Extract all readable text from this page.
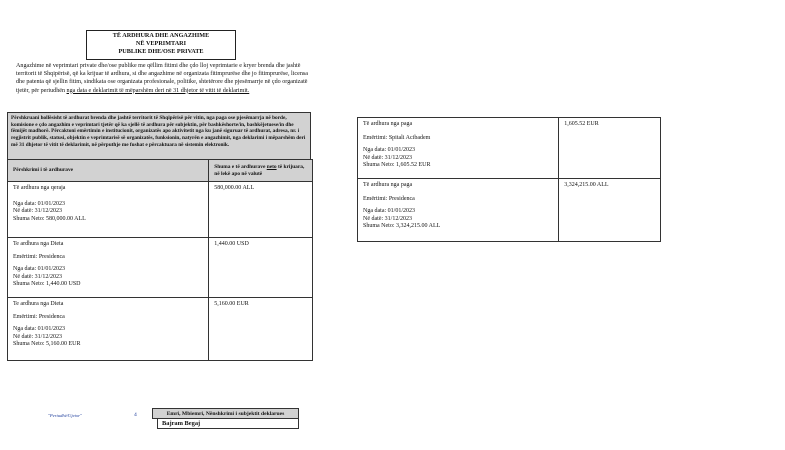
TË ARDHURA DHE ANGAZHIME
NË VEPRIMTARI
PUBLIKE DHE/OSE PRIVATE
Angazhime në veprimtari private dhe/ose publike me qëllim fitimi dhe çdo lloj veprimtarie e kryer brenda dhe jashtë territorit të Shqipërisë, që ka krijuar të ardhura, si dhe angazhime në organizata fitimprurëse dhe jo fitimprurëse, licensa dhe patenta që sjellin fitim, sindikata ose organizata profesionale, politike, shtetërore dhe pjesëmarrje në çdo organizatë tjetër, për periudhën nga data e deklarimit të mëparshëm deri në 31 dhjetor të vitit të deklarimit.
Përshkruani hollësisht të ardhurat brenda dhe jashtë territorit të Shqipërisë për vitin, nga paga ose pjesëmarrja në borde, komisione e çdo angazhim e veprimtari tjetër që ka sjellë të ardhura për subjektin, për bashkëshorte/in, bashkëjetuese/in dhe fëmijët madhorë. Përcaktoni emërtimin e institucionit, organizatës apo aktivitetit nga ku janë siguruar të ardhurat, adresa, nr. i regjistrit publik, statusi, objektin e veprimtarisë së organizatës, funksionin, natyrën e angazhimit, nga deklarimi i mëparshëm deri më 31 dhjetor të vitit të deklarimit, në përputhje me fushat e përcaktuara në sistemin elektronik.
Përshkrimi i të ardhurave	Shuma e të ardhurave neto të krijuara, në lekë apo në valutë

Të ardhura nga qeraja
Nga data: 01/01/2023
Në datë: 31/12/2023
Shuma Neto: 580,000.00 ALL	580,000.00 ALL

Te ardhura nga Dieta
Emërtimi: Presidenca
Nga data: 01/01/2023
Në datë: 31/12/2023
Shuma Neto: 1,440.00 USD	1,440.00 USD

Te ardhura nga Dieta
Emërtimi: Presidenca
Nga data: 01/01/2023
Në datë: 31/12/2023
Shuma Neto: 5,160.00 EUR	5,160.00 EUR
Të ardhura nga paga
Emërtimi: Spitali Acibadem
Nga data: 01/01/2023
Në datë: 31/12/2023
Shuma Neto: 1,605.52 EUR	1,605.52 EUR

Të ardhura nga paga
Emërtimi: Presidenca
Nga data: 01/01/2023
Në datë: 31/12/2023
Shuma Neto: 3,324,215.00 ALL	3,324,215.00 ALL
"Periudhë/Ujetor"	4	Emri, Mbiemri, Nënshkrimi i subjektit deklarues
Bajram Begaj
